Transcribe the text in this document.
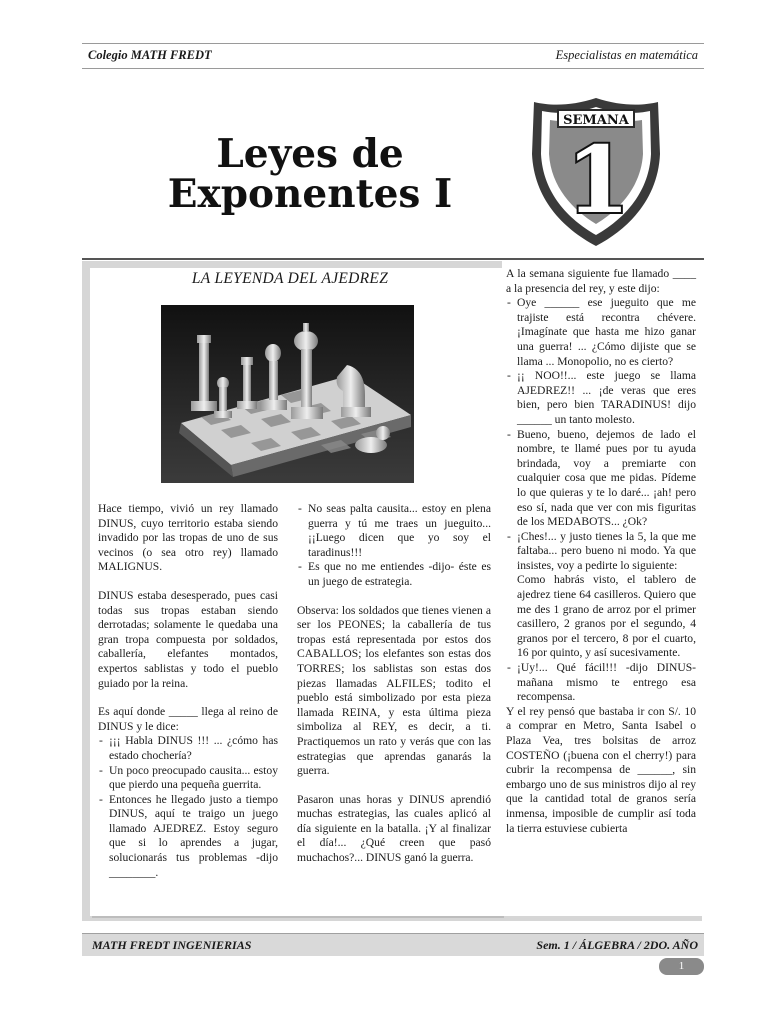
Colegio MATH FREDT	Especialistas en matemática
Leyes de
Exponentes I
SEMANA
1
LA LEYENDA DEL AJEDREZ

Hace tiempo, vivió un rey llamado DINUS, cuyo territorio estaba siendo invadido por las tropas de uno de sus vecinos (o sea otro rey) llamado MALIGNUS.

DINUS estaba desesperado, pues casi todas sus tropas estaban siendo derrotadas; solamente le quedaba una gran tropa compuesta por soldados, caballería, elefantes montados, expertos sablistas y todo el pueblo guiado por la reina.

Es aquí donde _____ llega al reino de DINUS y le dice:
- ¡¡¡ Habla DINUS !!! ... ¿cómo has estado chochería?
- Un poco preocupado causita... estoy que pierdo una pequeña guerrita.
- Entonces he llegado justo a tiempo DINUS, aquí te traigo un juego llamado AJEDREZ. Estoy seguro que si lo aprendes a jugar, solucionarás tus problemas -dijo ________.
- No seas palta causita... estoy en plena guerra y tú me traes un jueguito... ¡¡Luego dicen que yo soy el taradinus!!!
- Es que no me entiendes -dijo- éste es un juego de estrategia.

Observa: los soldados que tienes vienen a ser los PEONES; la caballería de tus tropas está representada por estos dos CABALLOS; los elefantes son estas dos TORRES; los sablistas son estas dos piezas llamadas ALFILES; todito el pueblo está simbolizado por esta pieza llamada REINA, y esta última pieza simboliza al REY, es decir, a ti. Practiquemos un rato y verás que con las estrategias que aprendas ganarás la guerra.

Pasaron unas horas y DINUS aprendió muchas estrategias, las cuales aplicó al día siguiente en la batalla. ¡Y al finalizar el día!... ¿Qué creen que pasó muchachos?... DINUS ganó la guerra.

A la semana siguiente fue llamado ____ a la presencia del rey, y este dijo:
- Oye ______ ese jueguito que me trajiste está recontra chévere. ¡Imagínate que hasta me hizo ganar una guerra! ... ¿Cómo dijiste que se llama ... Monopolio, no es cierto?
- ¡¡ NOO!!... este juego se llama AJEDREZ!! ... ¡de veras que eres bien, pero bien TARADINUS! dijo ______ un tanto molesto.
- Bueno, bueno, dejemos de lado el nombre, te llamé pues por tu ayuda brindada, voy a premiarte con cualquier cosa que me pidas. Pídeme lo que quieras y te lo daré... ¡ah! pero eso sí, nada que ver con mis figuritas de los MEDABOTS... ¿Ok?
- ¡Ches!... y justo tienes la 5, la que me faltaba... pero bueno ni modo. Ya que insistes, voy a pedirte lo siguiente:
Como habrás visto, el tablero de ajedrez tiene 64 casilleros. Quiero que me des 1 grano de arroz por el primer casillero, 2 granos por el segundo, 4 granos por el tercero, 8 por el cuarto, 16 por quinto, y así sucesivamente.
- ¡Uy!... Qué fácil!!! -dijo DINUS- mañana mismo te entrego esa recompensa.
Y el rey pensó que bastaba ir con S/. 10 a comprar en Metro, Santa Isabel o Plaza Vea, tres bolsitas de arroz COSTEÑO (¡buena con el cherry!) para cubrir la recompensa de ______, sin embargo uno de sus ministros dijo al rey que la cantidad total de granos sería inmensa, imposible de cumplir así toda la tierra estuviese cubierta
MATH FREDT INGENIERIAS	Sem. 1 / ÁLGEBRA / 2DO. AÑO
1
